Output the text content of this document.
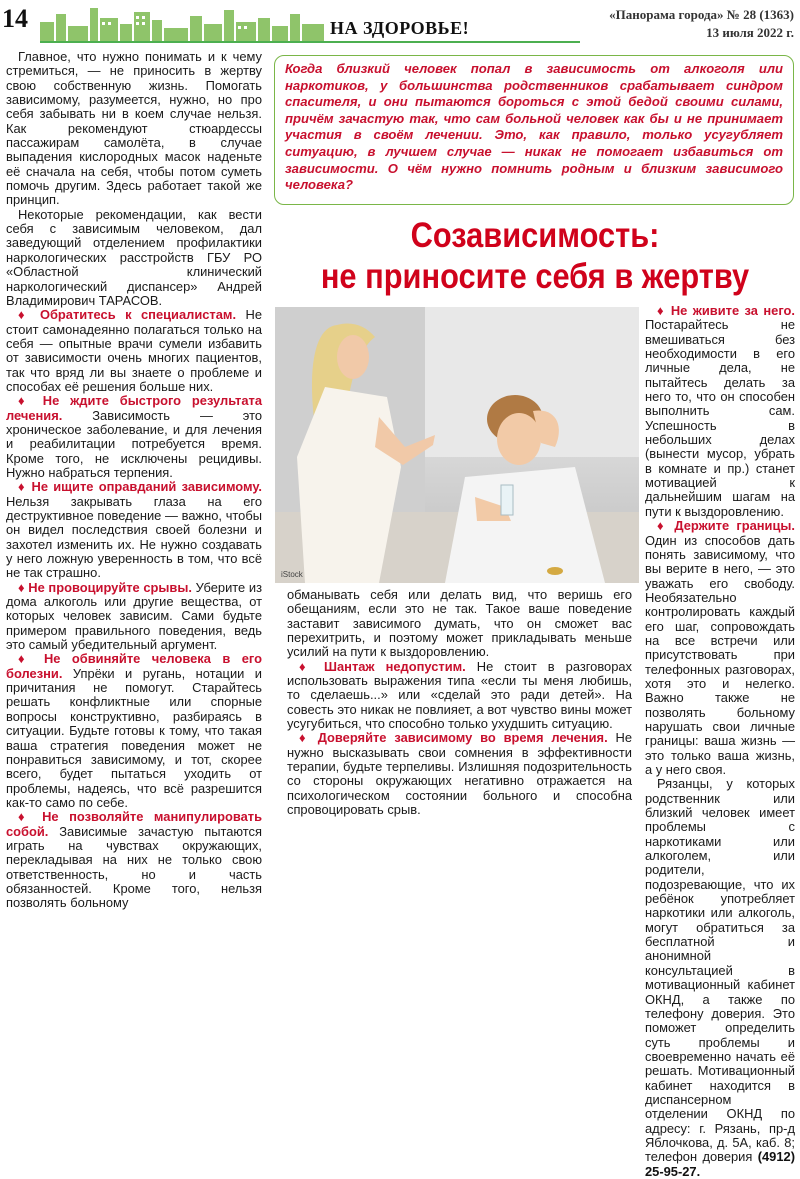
14	НА ЗДОРОВЬЕ!
«Панорама города» № 28 (1363)
13 июля 2022 г.
Когда близкий человек попал в зависимость от алкоголя или наркотиков, у большинства родственников срабатывает синдром спасителя, и они пытаются бороться с этой бедой своими силами, причём зачастую так, что сам больной человек как бы и не принимает участия в своём лечении. Это, как правило, только усугубляет ситуацию, в лучшем случае — никак не помогает избавиться от зависимости. О чём нужно помнить родным и близким зависимого человека?
Созависимость:
не приносите себя в жертву
iStock

Главное, что нужно понимать и к чему стремиться, — не приносить в жертву свою собственную жизнь. Помогать зависимому, разумеется, нужно, но про себя забывать ни в коем случае нельзя. Как рекомендуют стюардессы пассажирам самолёта, в случае выпадения кислородных масок наденьте её сначала на себя, чтобы потом суметь помочь другим. Здесь работает такой же принцип.

Некоторые рекомендации, как вести себя с зависимым человеком, дал заведующий отделением профилактики наркологических расстройств ГБУ РО «Областной клинический наркологический диспансер» Андрей Владимирович ТАРАСОВ.

♦ Обратитесь к специалистам. Не стоит самонадеянно полагаться только на себя — опытные врачи сумели избавить от зависимости очень многих пациентов, так что вряд ли вы знаете о проблеме и способах её решения больше них.

♦ Не ждите быстрого результата лечения. Зависимость — это хроническое заболевание, и для лечения и реабилитации потребуется время. Кроме того, не исключены рецидивы. Нужно набраться терпения.

♦ Не ищите оправданий зависимому. Нельзя закрывать глаза на его деструктивное поведение — важно, чтобы он видел последствия своей болезни и захотел изменить их. Не нужно создавать у него ложную уверенность в том, что всё не так страшно.

♦ Не провоцируйте срывы. Уберите из дома алкоголь или другие вещества, от которых человек зависим. Сами будьте примером правильного поведения, ведь это самый убедительный аргумент.

♦ Не обвиняйте человека в его болезни. Упрёки и ругань, нотации и причитания не помогут. Старайтесь решать конфликтные или спорные вопросы конструктивно, разбираясь в ситуации. Будьте готовы к тому, что такая ваша стратегия поведения может не понравиться зависимому, и тот, скорее всего, будет пытаться уходить от проблемы, надеясь, что всё разрешится как-то само по себе.

♦ Не позволяйте манипулировать собой. Зависимые зачастую пытаются играть на чувствах окружающих, перекладывая на них не только свою ответственность, но и часть обязанностей. Кроме того, нельзя позволять больному

обманывать себя или делать вид, что веришь его обещаниям, если это не так. Такое ваше поведение заставит зависимого думать, что он сможет вас перехитрить, и поэтому может прикладывать меньше усилий на пути к выздоровлению.

♦ Шантаж недопустим. Не стоит в разговорах использовать выражения типа «если ты меня любишь, то сделаешь...» или «сделай это ради детей». На совесть это никак не повлияет, а вот чувство вины может усугубиться, что способно только ухудшить ситуацию.

♦ Доверяйте зависимому во время лечения. Не нужно высказывать свои сомнения в эффективности терапии, будьте терпеливы. Излишняя подозрительность со стороны окружающих негативно отражается на психологическом состоянии больного и способна спровоцировать срыв.

♦ Не живите за него. Постарайтесь не вмешиваться без необходимости в его личные дела, не пытайтесь делать за него то, что он способен выполнить сам. Успешность в небольших делах (вынести мусор, убрать в комнате и пр.) станет мотивацией к дальнейшим шагам на пути к выздоровлению.

♦ Держите границы. Один из способов дать понять зависимому, что вы верите в него, — это уважать его свободу. Необязательно контролировать каждый его шаг, сопровождать на все встречи или присутствовать при телефонных разговорах, хотя это и нелегко. Важно также не позволять больному нарушать свои личные границы: ваша жизнь — это только ваша жизнь, а у него своя.

Рязанцы, у которых родственник или близкий человек имеет проблемы с наркотиками или алкоголем, или родители, подозревающие, что их ребёнок употребляет наркотики или алкоголь, могут обратиться за бесплатной и анонимной консультацией в мотивационный кабинет ОКНД, а также по телефону доверия. Это поможет определить суть проблемы и своевременно начать её решать. Мотивационный кабинет находится в диспансерном отделении ОКНД по адресу: г. Рязань, пр-д Яблочкова, д. 5А, каб. 8; телефон доверия (4912) 25-95-27.
